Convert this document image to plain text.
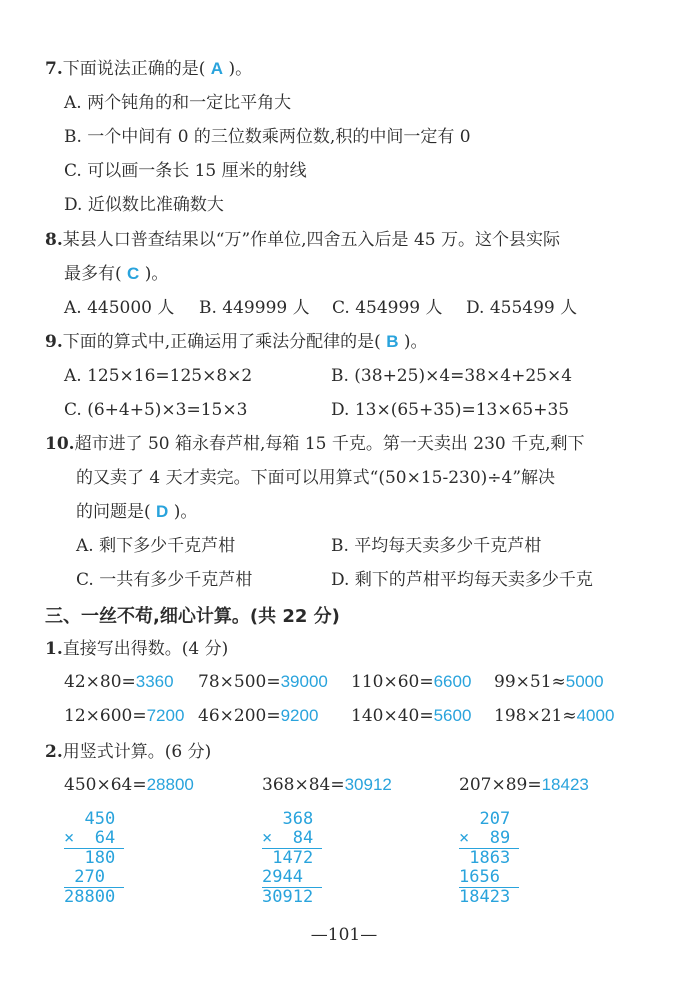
7.下面说法正确的是( A )。
A. 两个钝角的和一定比平角大
B. 一个中间有 0 的三位数乘两位数,积的中间一定有 0
C. 可以画一条长 15 厘米的射线
D. 近似数比准确数大
8.某县人口普查结果以“万”作单位,四舍五入后是 45 万。这个县实际
最多有( C )。
A. 445000 人 B. 449999 人 C. 454999 人 D. 455499 人
9.下面的算式中,正确运用了乘法分配律的是( B )。
A. 125×16=125×8×2	B. (38+25)×4=38×4+25×4
C. (6+4+5)×3=15×3	D. 13×(65+35)=13×65+35
10.超市进了 50 箱永春芦柑,每箱 15 千克。第一天卖出 230 千克,剩下
的又卖了 4 天才卖完。下面可以用算式“(50×15-230)÷4”解决
的问题是( D )。
A. 剩下多少千克芦柑	B. 平均每天卖多少千克芦柑
C. 一共有多少千克芦柑	D. 剩下的芦柑平均每天卖多少千克
三、一丝不苟,细心计算。(共 22 分)
1.直接写出得数。(4 分)
42×80=3360 78×500=39000 110×60=6600 99×51≈5000
12×600=7200 46×200=9200 140×40=5600 198×21≈4000
2.用竖式计算。(6 分)
450×64=28800	368×84=30912	207×89=18423
450
×  64
180
270
28800
368
×  84
1472
2944
30912
207
×  89
1863
1656
18423
—101—
